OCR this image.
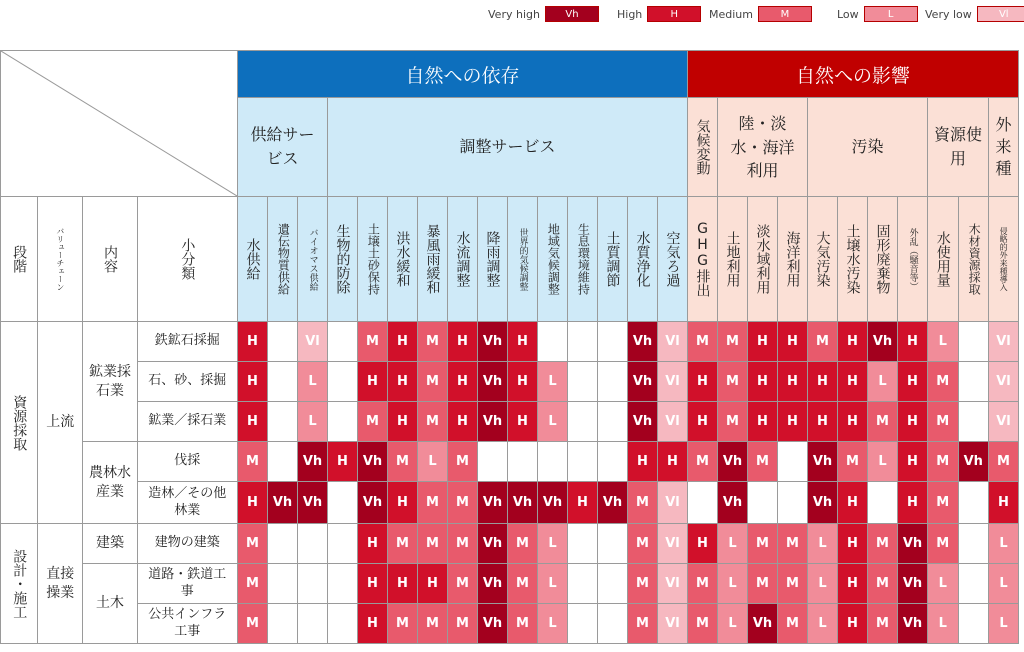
Very high	Vh	High	H	Medium	M	Low	L	Very low	Vl
	自然への依存															自然への影響										

				供給サービス			調整サービス												気候変動	陸・淡水・海洋利用			汚染				資源使用		外来種

段階	バリューチェーン	内容	小分類	水供給	遺伝物質供給	バイオマス供給	生物的防除	土壌土砂保持	洪水緩和	暴風雨緩和	水流調整	降雨調整	世界的気候調整	地域気候調整	生息環境維持	土質調節	水質浄化	空気ろ過	GHG排出	土地利用	淡水域利用	海洋利用	大気汚染	土壌水汚染	固形廃棄物	外乱（騒音等）	水使用量	木材資源採取	侵略的外来種導入

資源採取	上流	鉱業採石業	鉄鉱石採掘	H		Vl		M	H	M	H	Vh	H				Vh	Vl	M	M	H	H	M	H	Vh	H	L		Vl

			石、砂、採掘	H		L		H	H	M	H	Vh	H	L			Vh	Vl	H	M	H	H	H	H	L	H	M		Vl

			鉱業／採石業	H		L		M	H	M	H	Vh	H	L			Vh	Vl	H	M	H	H	H	H	M	H	M		Vl

		農林水産業	伐採	M		Vh	H	Vh	M	L	M						H	H	M	Vh	M		Vh	M	L	H	M	Vh	M

			造林／その他林業	H	Vh	Vh		Vh	H	M	M	Vh	Vh	Vh	H	Vh	M	Vl		Vh			Vh	H		H	M		H

設計・施工	直接操業	建築	建物の建築	M				H	M	M	M	Vh	M	L			M	Vl	H	L	M	M	L	H	M	Vh	M		L

		土木	道路・鉄道工事	M				H	H	H	M	Vh	M	L			M	Vl	M	L	M	M	L	H	M	Vh	L		L

			公共インフラ工事	M				H	M	M	M	Vh	M	L			M	Vl	M	L	Vh	M	L	H	M	Vh	L		L
